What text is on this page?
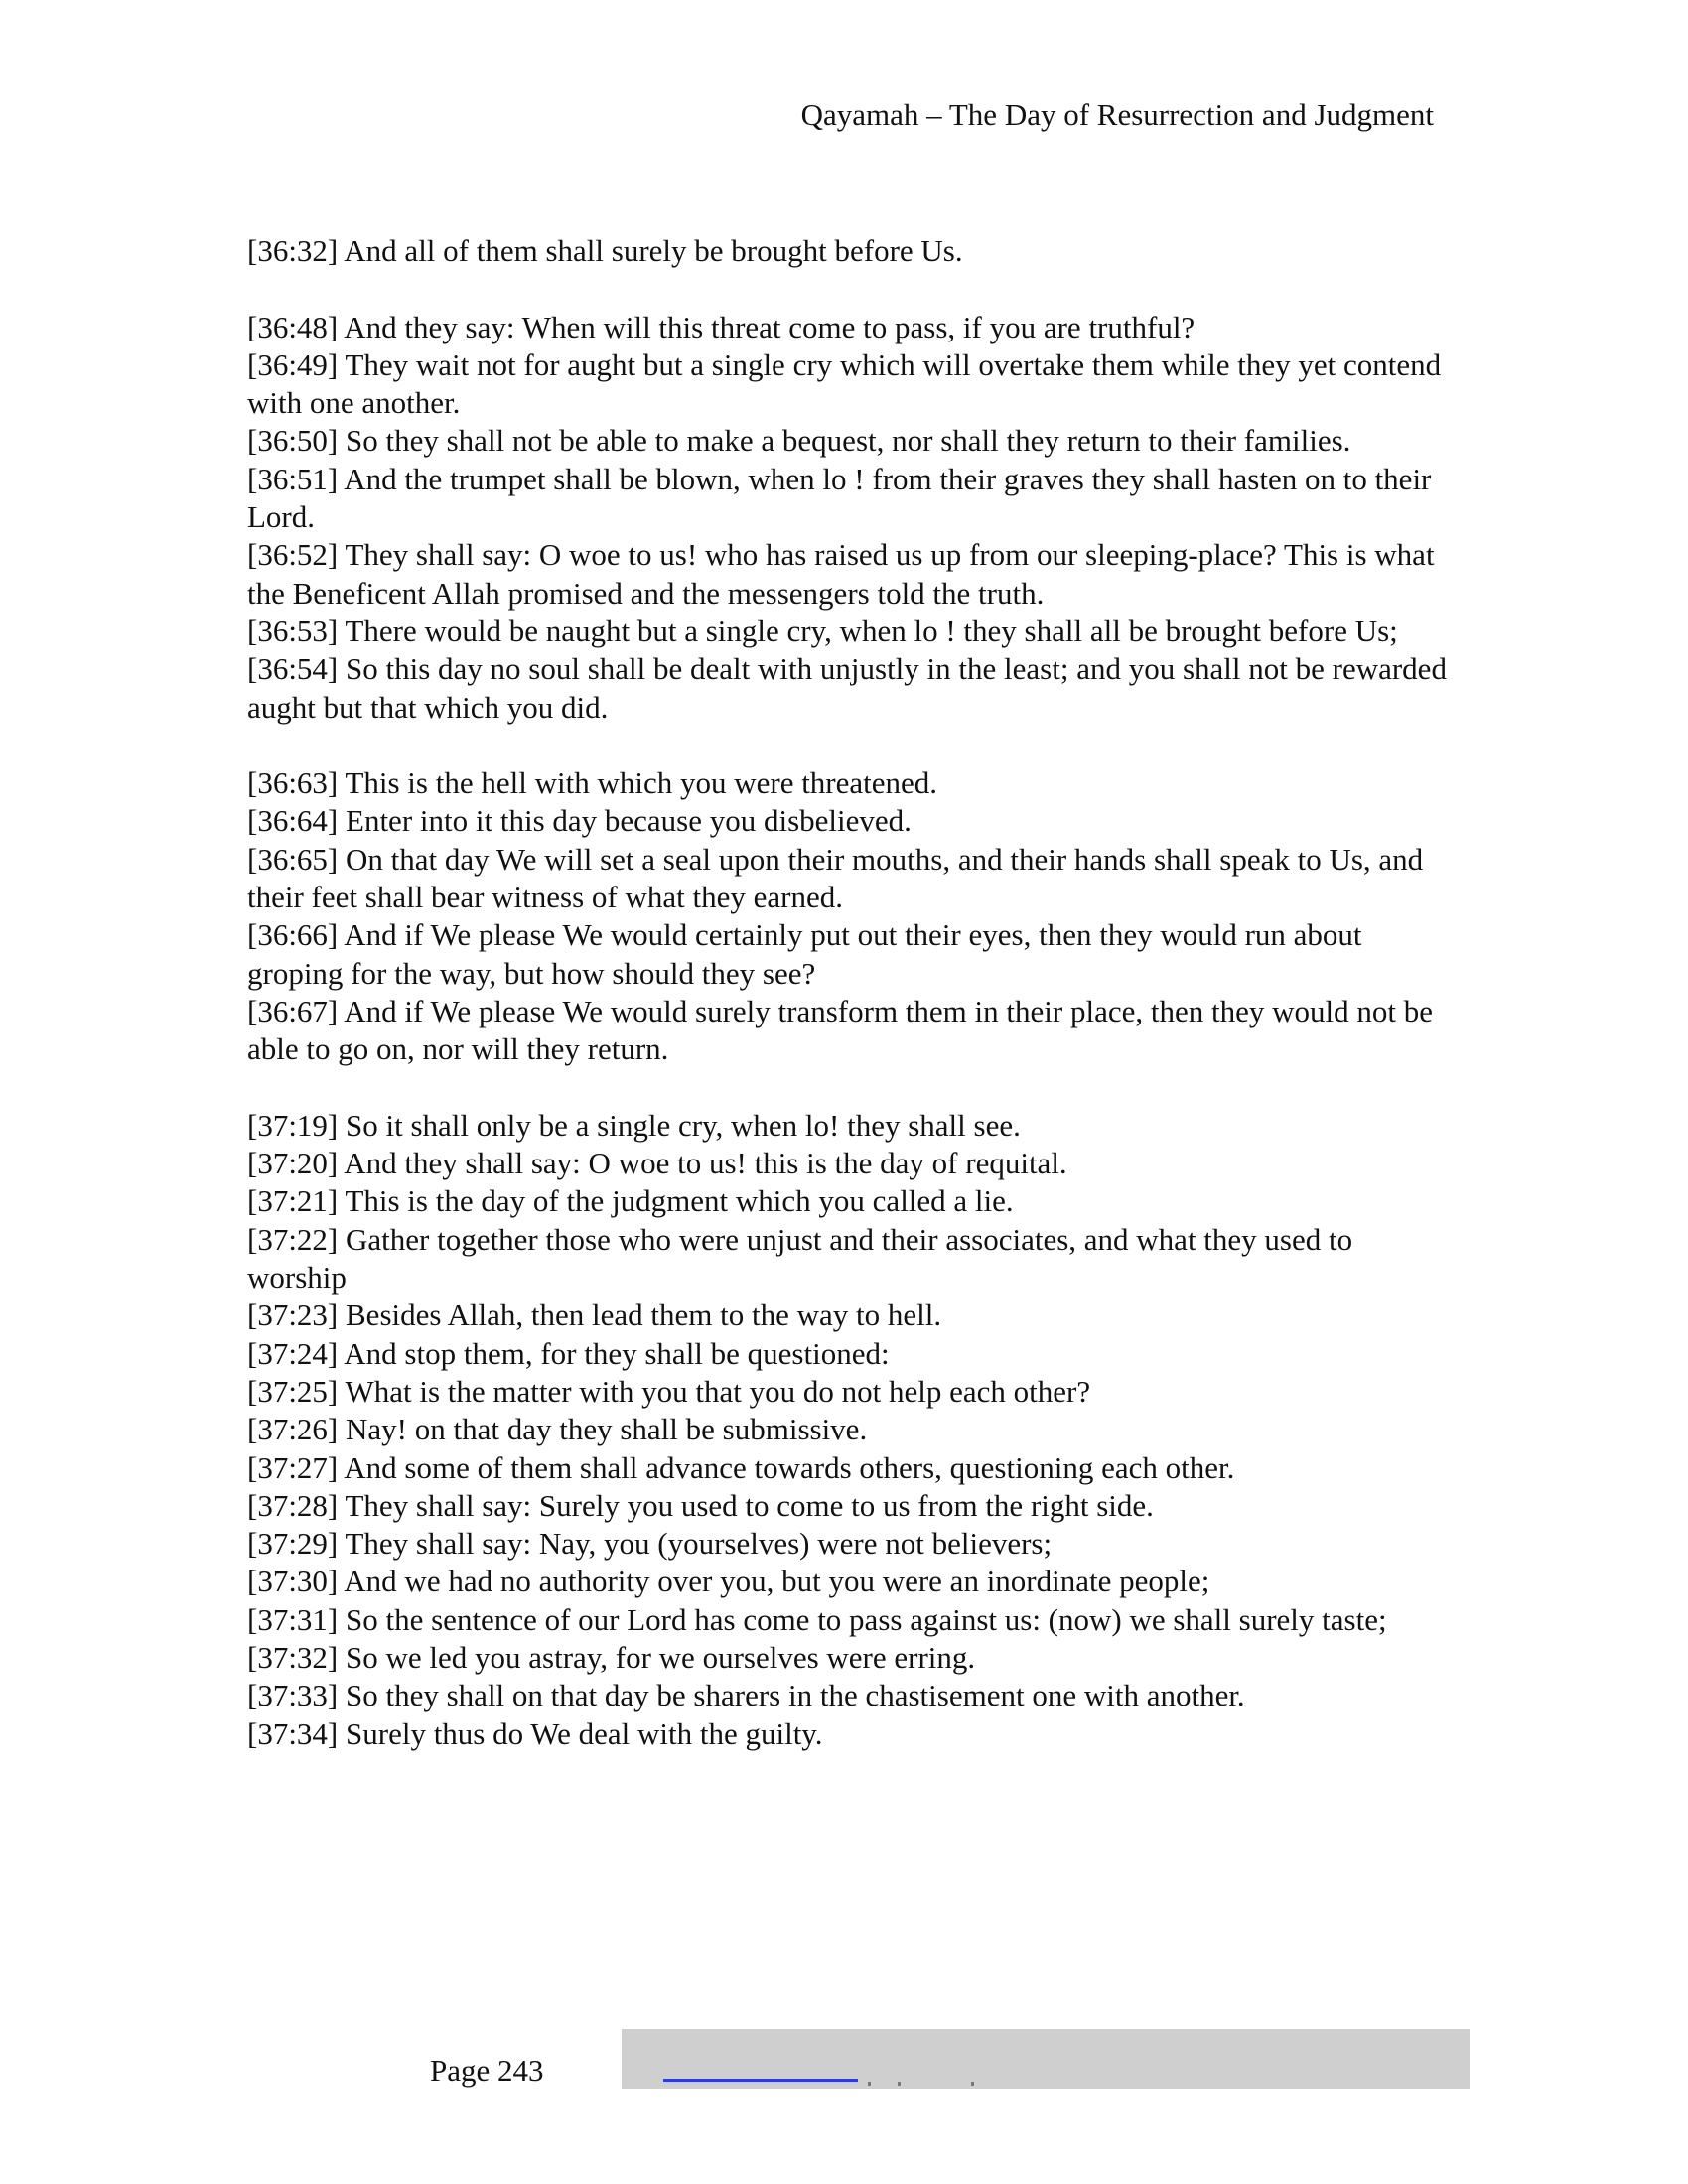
Qayamah – The Day of Resurrection and Judgment

[36:32] And all of them shall surely be brought before Us.

[36:48] And they say: When will this threat come to pass, if you are truthful?

[36:49] They wait not for aught but a single cry which will overtake them while they yet contend with one another.

[36:50] So they shall not be able to make a bequest, nor shall they return to their families.

[36:51] And the trumpet shall be blown, when lo ! from their graves they shall hasten on to their Lord.

[36:52] They shall say: O woe to us! who has raised us up from our sleeping-place? This is what the Beneficent Allah promised and the messengers told the truth.

[36:53] There would be naught but a single cry, when lo ! they shall all be brought before Us;

[36:54] So this day no soul shall be dealt with unjustly in the least; and you shall not be rewarded aught but that which you did.

[36:63] This is the hell with which you were threatened.

[36:64] Enter into it this day because you disbelieved.

[36:65] On that day We will set a seal upon their mouths, and their hands shall speak to Us, and their feet shall bear witness of what they earned.

[36:66] And if We please We would certainly put out their eyes, then they would run about groping for the way, but how should they see?

[36:67] And if We please We would surely transform them in their place, then they would not be able to go on, nor will they return.

[37:19] So it shall only be a single cry, when lo! they shall see.

[37:20] And they shall say: O woe to us! this is the day of requital.

[37:21] This is the day of the judgment which you called a lie.

[37:22] Gather together those who were unjust and their associates, and what they used to worship

[37:23] Besides Allah, then lead them to the way to hell.

[37:24] And stop them, for they shall be questioned:

[37:25] What is the matter with you that you do not help each other?

[37:26] Nay! on that day they shall be submissive.

[37:27] And some of them shall advance towards others, questioning each other.

[37:28] They shall say: Surely you used to come to us from the right side.

[37:29] They shall say: Nay, you (yourselves) were not believers;

[37:30] And we had no authority over you, but you were an inordinate people;

[37:31] So the sentence of our Lord has come to pass against us: (now) we shall surely taste;

[37:32] So we led you astray, for we ourselves were erring.

[37:33] So they shall on that day be sharers in the chastisement one with another.

[37:34] Surely thus do We deal with the guilty.

Page 243
